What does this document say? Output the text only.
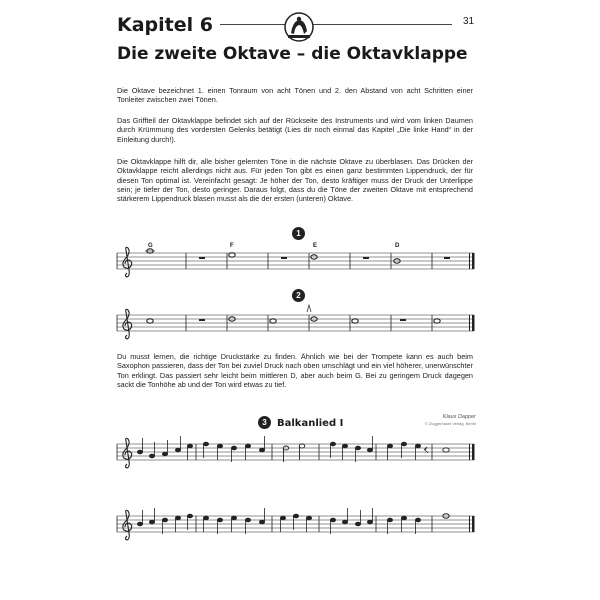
Kapitel 6	31
Die zweite Oktave – die Oktavklappe

Die Oktave bezeichnet 1. einen Tonraum von acht Tönen und 2. den Abstand von acht Schritten einer Tonleiter zwischen zwei Tönen.

Das Griffteil der Oktavklappe befindet sich auf der Rückseite des Instruments und wird vom linken Daumen durch Krümmung des vordersten Gelenks betätigt (Lies dir noch einmal das Kapitel „Die linke Hand“ in der Einleitung durch!).

Die Oktavklappe hilft dir, alle bisher gelernten Töne in die nächste Oktave zu überblasen. Das Drücken der Oktavklappe reicht allerdings nicht aus. Für jeden Ton gibt es einen ganz bestimmten Lippendruck, der für diesen Ton optimal ist. Vereinfacht gesagt: Je höher der Ton, desto kräftiger muss der Druck der Unterlippe sein; je tiefer der Ton, desto geringer. Daraus folgt, dass du die Töne der zweiten Oktave mit entsprechend stärkerem Lippendruck blasen musst als die der ersten (unteren) Oktave.

Du musst lernen, die richtige Druckstärke zu finden. Ähnlich wie bei der Trompete kann es auch beim Saxophon passieren, dass der Ton bei zuviel Druck nach oben umschlägt und ein viel höherer, unerwünschter Ton erklingt. Das passiert sehr leicht beim mittleren D, aber auch beim G. Bei zu geringem Druck dagegen sackt die Tonhöhe ab und der Ton wird etwas zu tief.

1
2
3
G	F	E	D
Balkanlied I
Klaus Dapper
© Zuggerhasel Verlag, Berlin
